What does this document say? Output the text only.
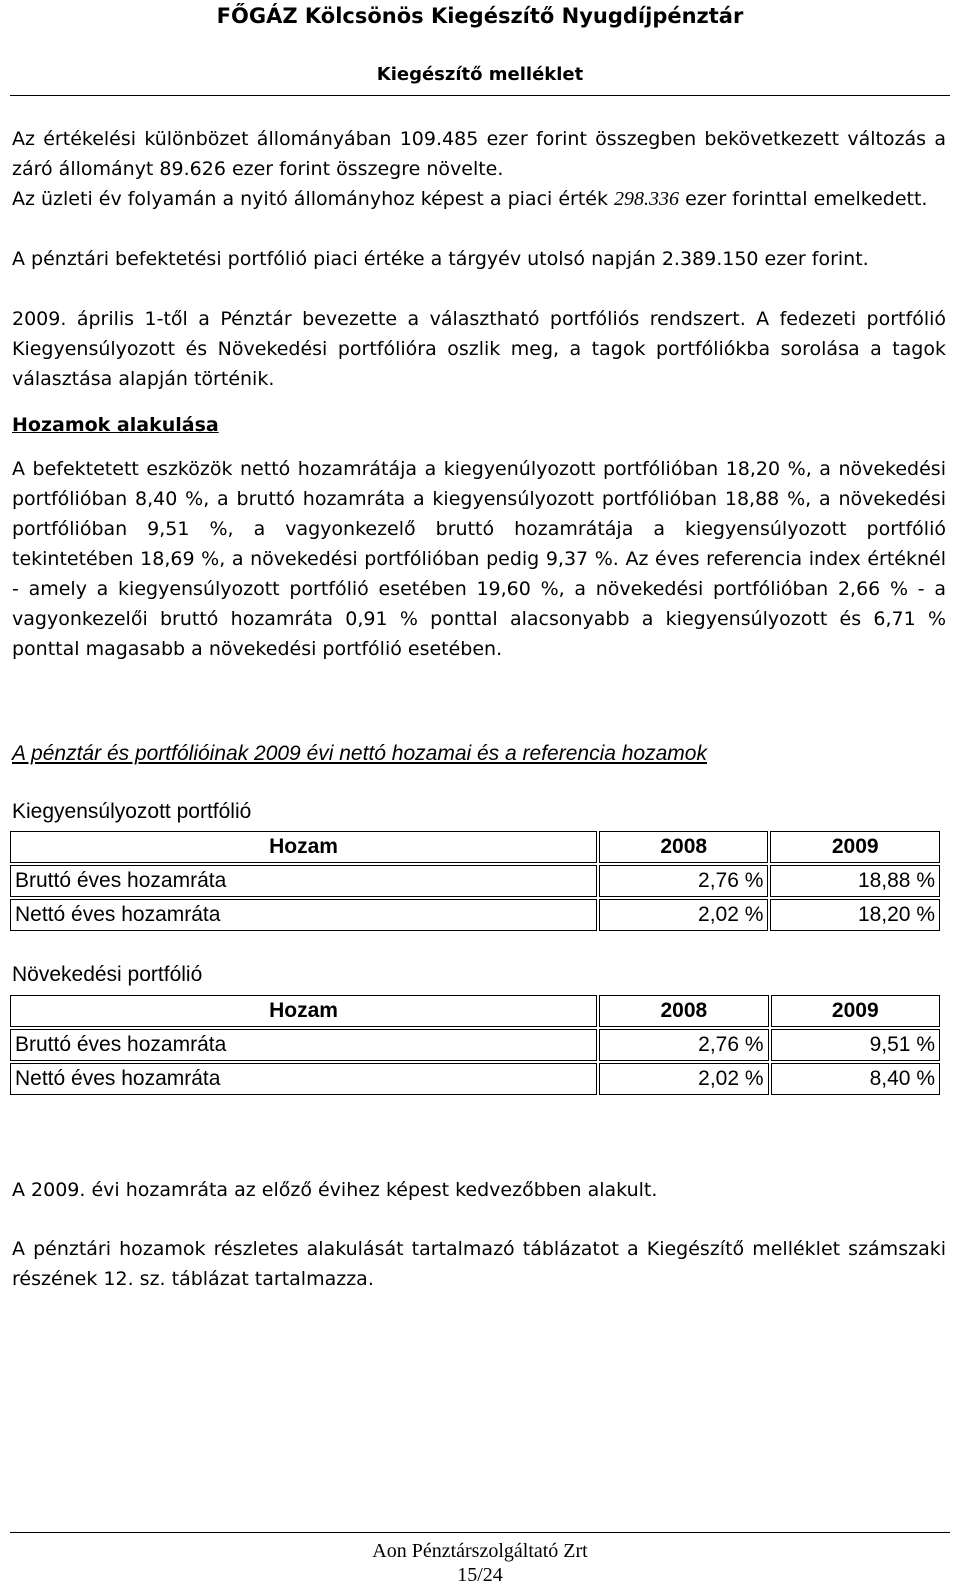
FŐGÁZ Kölcsönös Kiegészítő Nyugdíjpénztár
Kiegészítő melléklet

Az értékelési különbözet állományában 109.485 ezer forint összegben bekövetkezett változás a záró állományt 89.626 ezer forint összegre növelte.

Az üzleti év folyamán a nyitó állományhoz képest a piaci érték 298.336 ezer forinttal emelkedett.

A pénztári befektetési portfólió piaci értéke a tárgyév utolsó napján 2.389.150 ezer forint.

2009. április 1-től a Pénztár bevezette a választható portfóliós rendszert. A fedezeti portfólió Kiegyensúlyozott és Növekedési portfólióra oszlik meg, a tagok portfóliókba sorolása a tagok választása alapján történik.

Hozamok alakulása

A befektetett eszközök nettó hozamrátája a kiegyenúlyozott portfólióban 18,20 %, a növekedési portfólióban 8,40 %, a bruttó hozamráta a kiegyensúlyozott portfólióban 18,88 %, a növekedési portfólióban 9,51 %, a vagyonkezelő bruttó hozamrátája a kiegyensúlyozott portfólió tekintetében 18,69 %, a növekedési portfólióban pedig 9,37 %. Az éves referencia index értéknél - amely a kiegyensúlyozott portfólió esetében 19,60 %, a növekedési portfólióban 2,66 % - a vagyonkezelői bruttó hozamráta 0,91 % ponttal alacsonyabb a kiegyensúlyozott és 6,71 % ponttal magasabb a növekedési portfólió esetében.

A pénztár és portfólióinak 2009 évi nettó hozamai és a referencia hozamok
Kiegyensúlyozott portfólió
Hozam	2008	2009
Bruttó éves hozamráta	2,76 %	18,88 %
Nettó éves hozamráta	2,02 %	18,20 %
Növekedési portfólió
Hozam	2008	2009
Bruttó éves hozamráta	2,76 %	9,51 %
Nettó éves hozamráta	2,02 %	8,40 %

A 2009. évi hozamráta az előző évihez képest kedvezőbben alakult.

A pénztári hozamok részletes alakulását tartalmazó táblázatot a Kiegészítő melléklet számszaki részének 12. sz. táblázat tartalmazza.

Aon Pénztárszolgáltató Zrt
15/24
